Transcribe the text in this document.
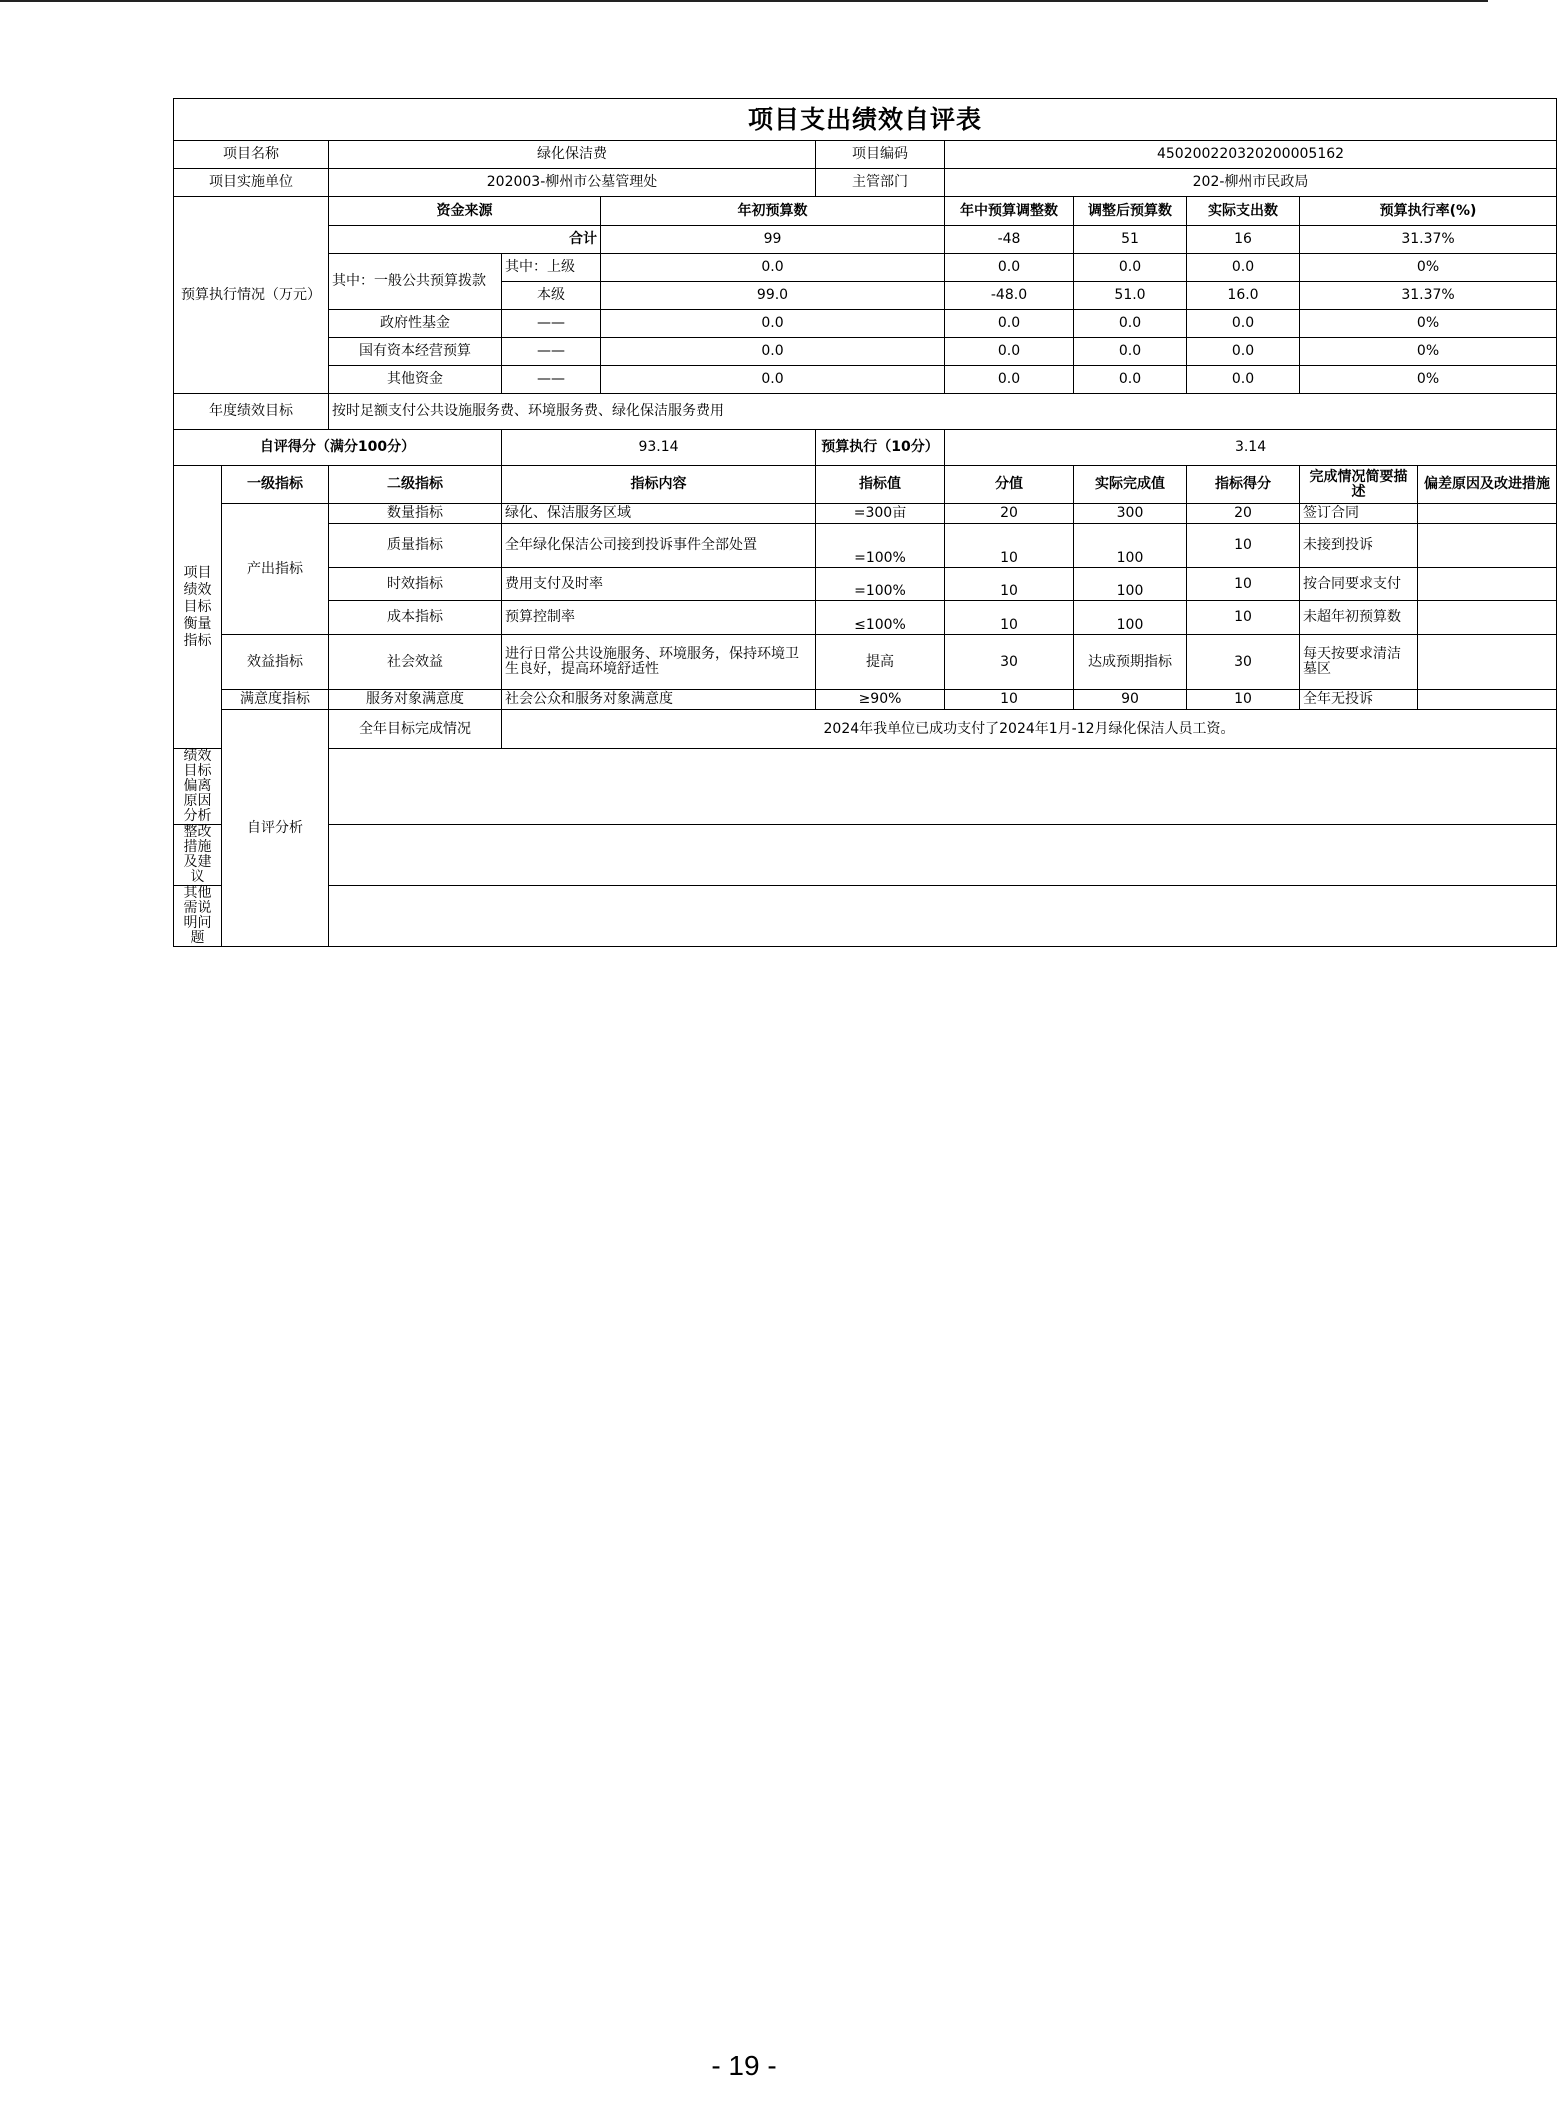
项目支出绩效自评表										
项目名称		绿化保洁费			项目编码	450200220320200005162				
项目实施单位		202003-柳州市公墓管理处			主管部门	202-柳州市民政局				
预算执行情况（万元）		资金来源		年初预算数		年中预算调整数	调整后预算数	实际支出数	预算执行率(%)	
		合计		99		-48	51	16	31.37%	
		其中：一般公共预算拨款	其中：上级	0.0		0.0	0.0	0.0	0%	
			本级	99.0		-48.0	51.0	16.0	31.37%	
		政府性基金	——	0.0		0.0	0.0	0.0	0%	
		国有资本经营预算	——	0.0		0.0	0.0	0.0	0%	
		其他资金	——	0.0		0.0	0.0	0.0	0%	
年度绩效目标		按时足额支付公共设施服务费、环境服务费、绿化保洁服务费用								
自评得分（满分100分）			93.14		预算执行（10分）	3.14				
项目绩效目标衡量指标	一级指标	二级指标	指标内容		指标值	分值	实际完成值	指标得分	完成情况简要描述	偏差原因及改进措施
	产出指标	数量指标	绿化、保洁服务区域		=300亩	20	300	20	签订合同	
		质量指标	全年绿化保洁公司接到投诉事件全部处置		=100%	10	100	10	未接到投诉	
		时效指标	费用支付及时率		=100%	10	100	10	按合同要求支付	
		成本指标	预算控制率		≤100%	10	100	10	未超年初预算数	
	效益指标	社会效益	进行日常公共设施服务、环境服务，保持环境卫生良好，提高环境舒适性		提高	30	达成预期指标	30	每天按要求清洁墓区	
	满意度指标	服务对象满意度	社会公众和服务对象满意度		≥90%	10	90	10	全年无投诉	
	自评分析	全年目标完成情况	2024年我单位已成功支付了2024年1月-12月绿化保洁人员工资。							
绩效目标偏离原因分析										
整改措施及建议										
其他需说明问题										
- 19 -
